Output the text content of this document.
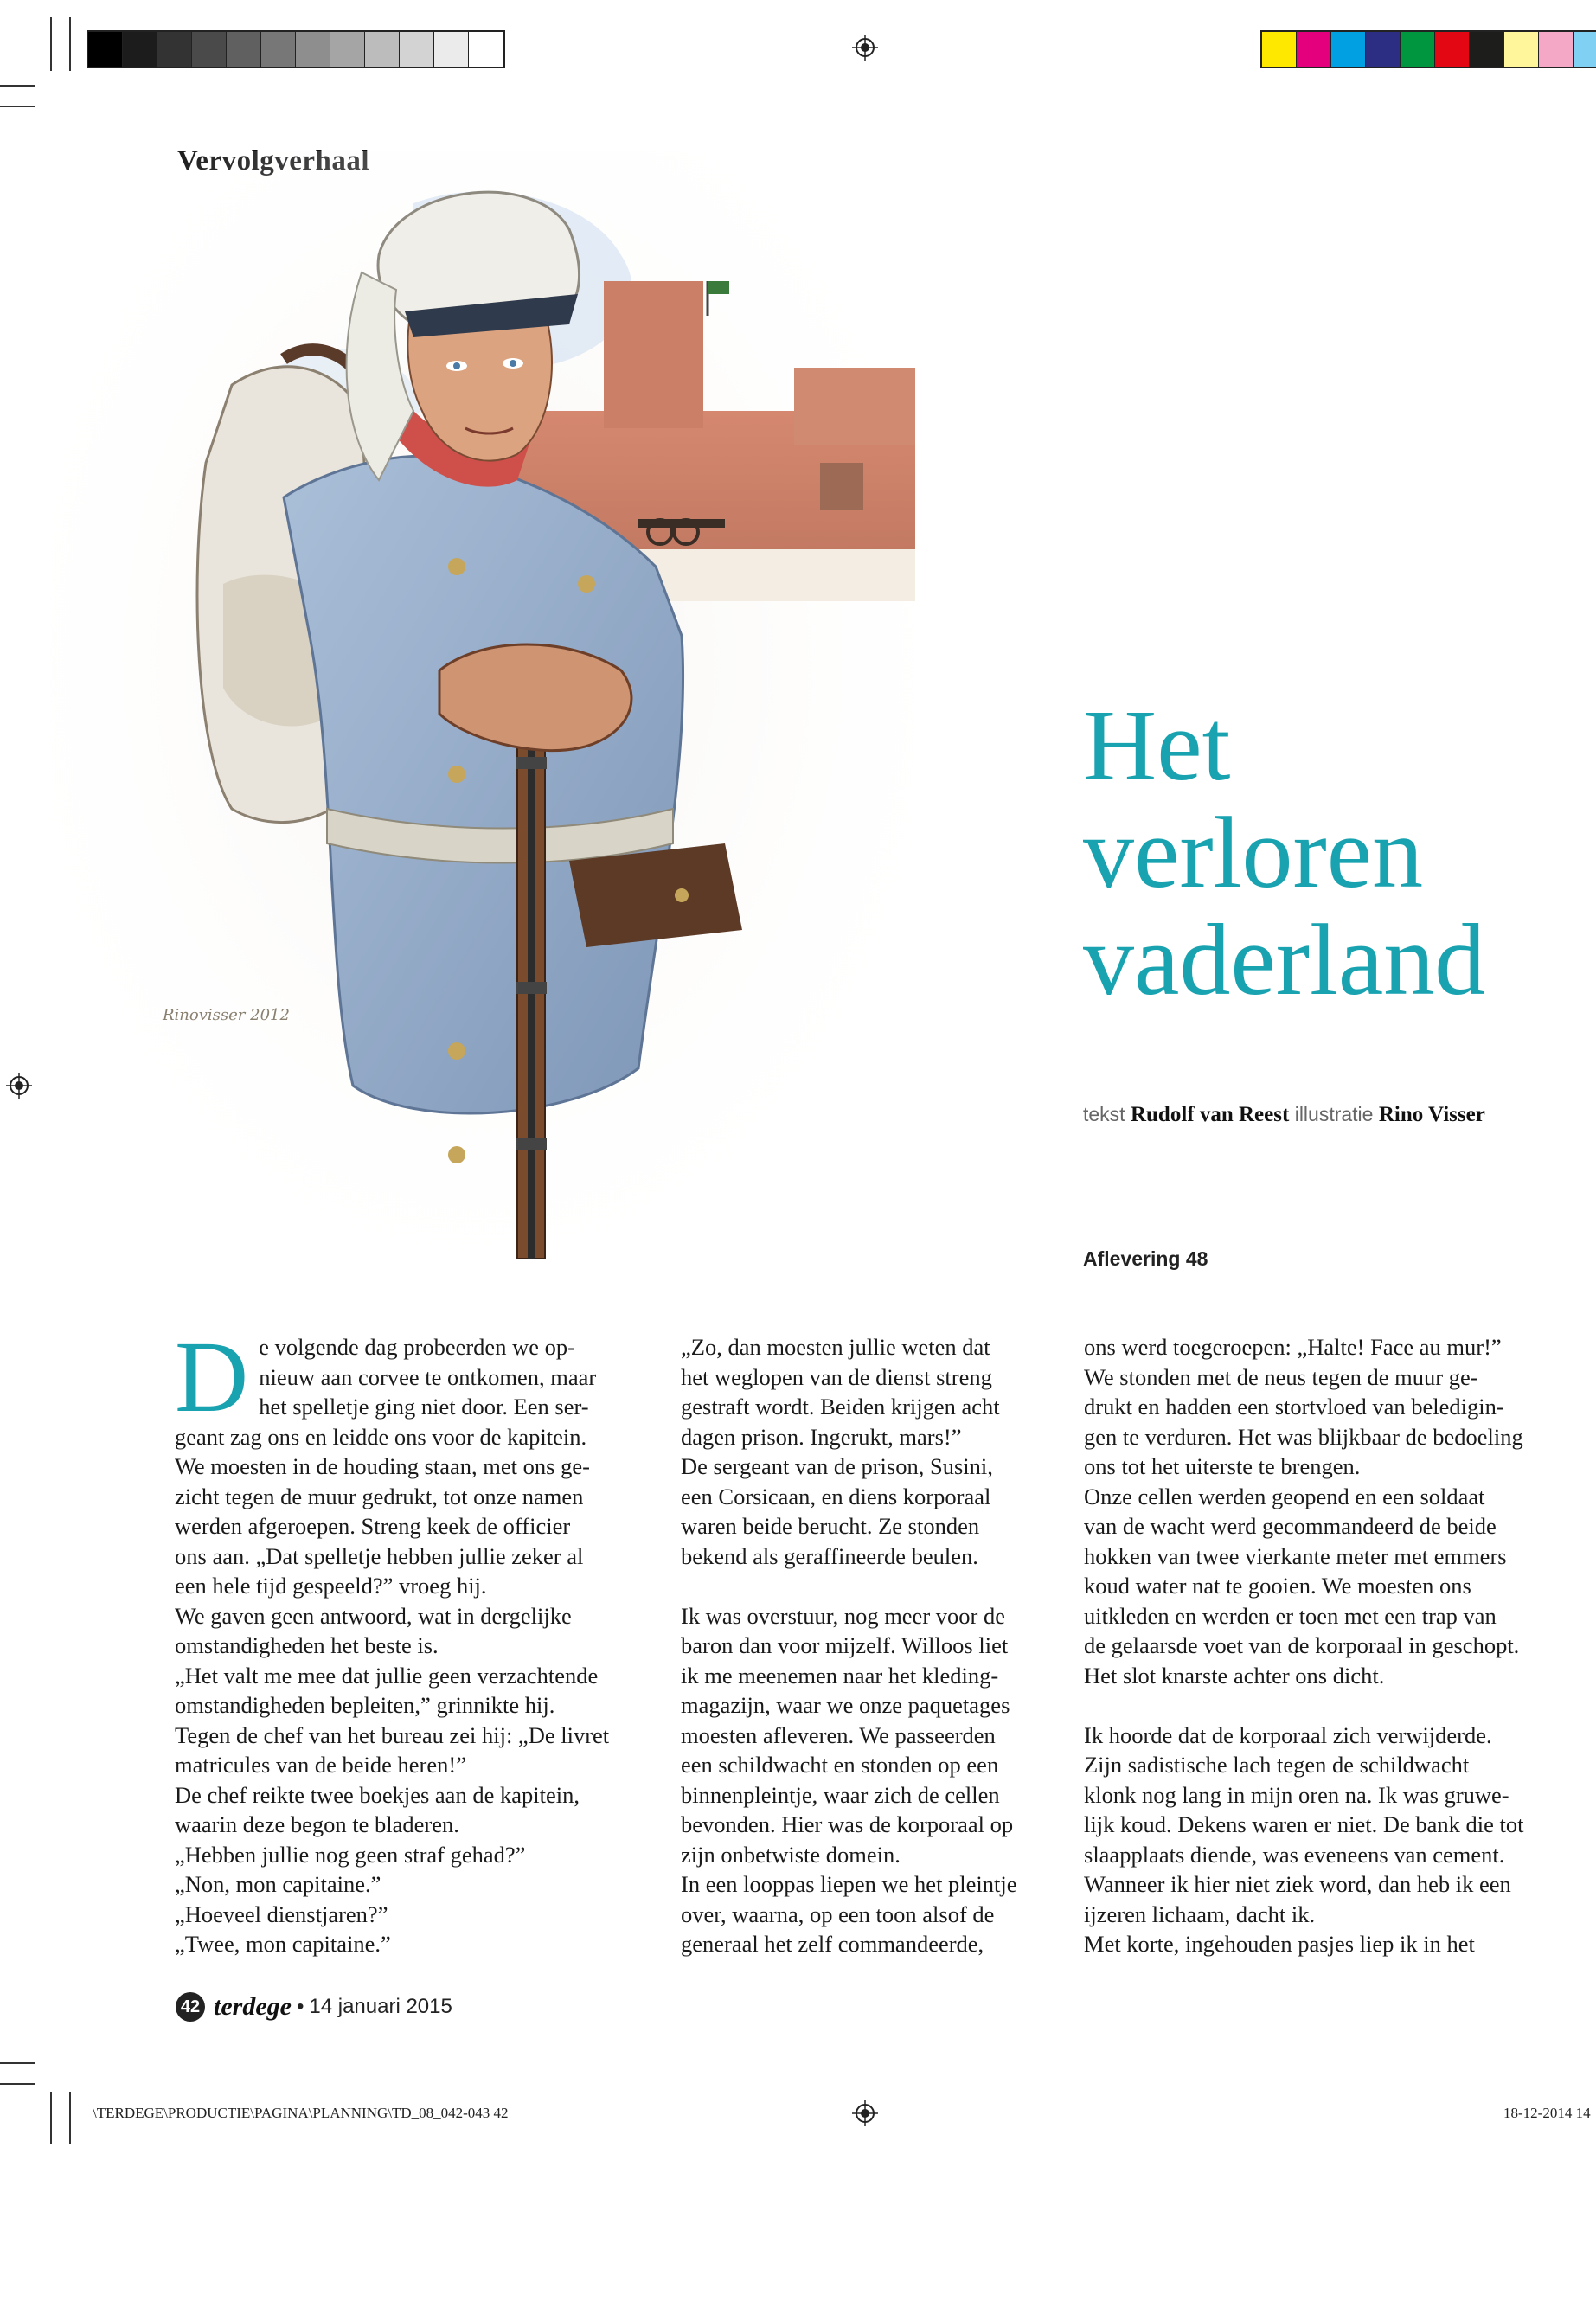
Rinovisser 2012
Het
verloren
vaderland
tekst Rudolf van Reest illustratie Rino Visser
Aflevering 48
D e volgende dag probeerden we op-

nieuw aan corvee te ontkomen, maar

het spelletje ging niet door. Een ser-

geant zag ons en leidde ons voor de kapitein.

We moesten in de houding staan, met ons ge-

zicht tegen de muur gedrukt, tot onze namen

werden afgeroepen. Streng keek de officier

ons aan. „Dat spelletje hebben jullie zeker al

een hele tijd gespeeld?” vroeg hij.

We gaven geen antwoord, wat in dergelijke

omstandigheden het beste is.

„Het valt me mee dat jullie geen verzachtende

omstandigheden bepleiten,” grinnikte hij.

Tegen de chef van het bureau zei hij: „De livret

matricules van de beide heren!”

De chef reikte twee boekjes aan de kapitein,

waarin deze begon te bladeren.

„Hebben jullie nog geen straf gehad?”

„Non, mon capitaine.”

„Hoeveel dienstjaren?”

„Twee, mon capitaine.”

„Zo, dan moesten jullie weten dat

het weglopen van de dienst streng

gestraft wordt. Beiden krijgen acht

dagen prison. Ingerukt, mars!”

De sergeant van de prison, Susini,

een Corsicaan, en diens korporaal

waren beide berucht. Ze stonden

bekend als geraffineerde beulen.

Ik was overstuur, nog meer voor de

baron dan voor mijzelf. Willoos liet

ik me meenemen naar het kleding-

magazijn, waar we onze paquetages

moesten afleveren. We passeerden

een schildwacht en stonden op een

binnenpleintje, waar zich de cellen

bevonden. Hier was de korporaal op

zijn onbetwiste domein.

In een looppas liepen we het pleintje

over, waarna, op een toon alsof de

generaal het zelf commandeerde,

ons werd toegeroepen: „Halte! Face au mur!”

We stonden met de neus tegen de muur ge-

drukt en hadden een stortvloed van beledigin-

gen te verduren. Het was blijkbaar de bedoeling

ons tot het uiterste te brengen.

Onze cellen werden geopend en een soldaat

van de wacht werd gecommandeerd de beide

hokken van twee vierkante meter met emmers

koud water nat te gooien. We moesten ons

uitkleden en werden er toen met een trap van

de gelaarsde voet van de korporaal in geschopt.

Het slot knarste achter ons dicht.

Ik hoorde dat de korporaal zich verwijderde.

Zijn sadistische lach tegen de schildwacht

klonk nog lang in mijn oren na. Ik was gruwe-

lijk koud. Dekens waren er niet. De bank die tot

slaapplaats diende, was eveneens van cement.

Wanneer ik hier niet ziek word, dan heb ik een

ijzeren lichaam, dacht ik.

Met korte, ingehouden pasjes liep ik in het

42 terdege • 14 januari 2015
\TERDEGE\PRODUCTIE\PAGINA\PLANNING\TD_08_042-043 42	18-12-2014 14
